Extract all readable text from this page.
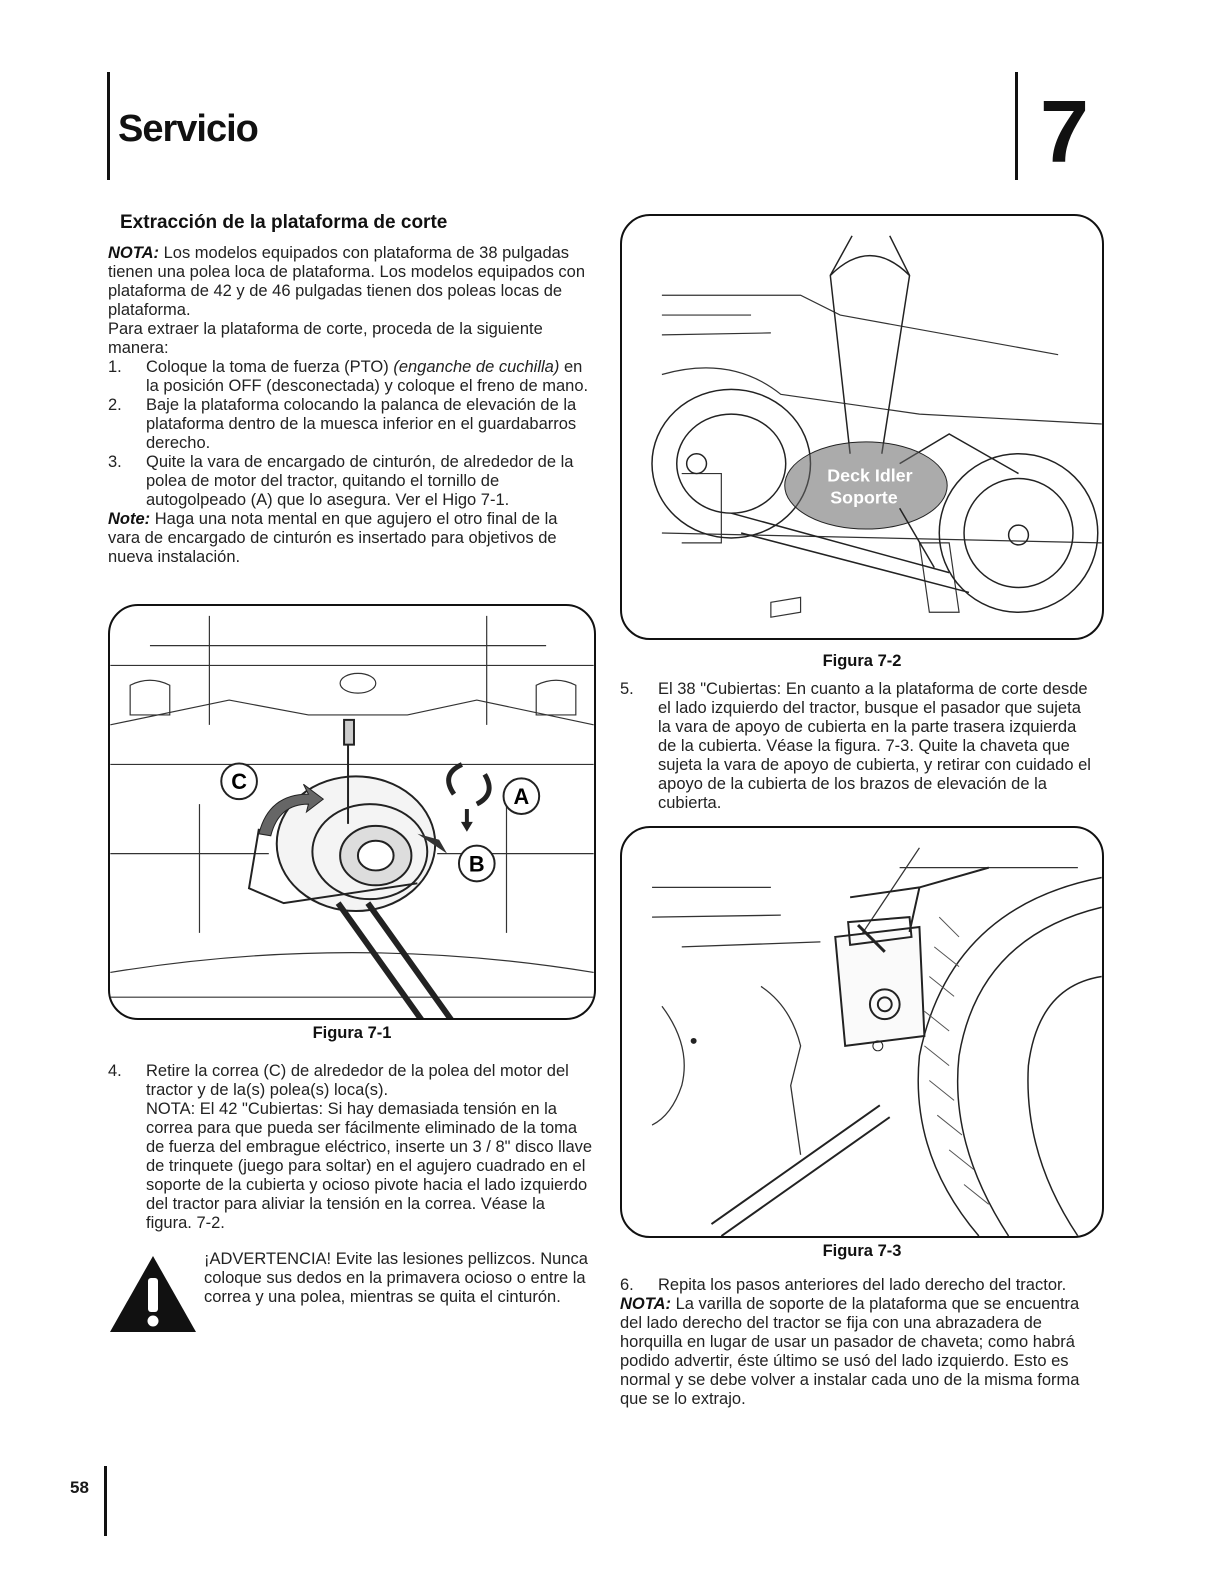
Servicio	7
Extracción de la plataforma de corte

NOTA: Los modelos equipados con plataforma de 38 pulgadas tienen una polea loca de plataforma. Los modelos equipados con plataforma de 42 y de 46 pulgadas tienen dos poleas locas de plataforma.

Para extraer la plataforma de corte, proceda de la siguiente manera:

1.	Coloque la toma de fuerza (PTO) (enganche de cuchilla) en la posición OFF (desconectada) y coloque el freno de mano.
2.	Baje la plataforma colocando la palanca de elevación de la plataforma dentro de la muesca inferior en el guardabarros derecho.
3.	Quite la vara de encargado de cinturón, de alrededor de la polea de motor del tractor, quitando el tornillo de autogolpeado (A) que lo asegura. Ver el Higo 7-1.

Note: Haga una nota mental en que agujero el otro final de la vara de encargado de cinturón es insertado para objetivos de nueva instalación.

C
A
B
Figura 7-1
4.	Retire la correa (C) de alrededor de la polea del motor del tractor y de la(s) polea(s) loca(s).

NOTA: El 42 "Cubiertas: Si hay demasiada tensión en la correa para que pueda ser fácilmente eliminado de la toma de fuerza del embrague eléctrico, inserte un 3 / 8" disco llave de trinquete (juego para soltar) en el agujero cuadrado en el soporte de la cubierta y ocioso pivote hacia el lado izquierdo del tractor para aliviar la tensión en la correa. Véase la figura. 7-2.

¡ADVERTENCIA! Evite las lesiones pellizcos. Nunca coloque sus dedos en la primavera ocioso o entre la correa y una polea, mientras se quita el cinturón.
Deck Idler
Soporte
Figura 7-2
5.	El 38 "Cubiertas: En cuanto a la plataforma de corte desde el lado izquierdo del tractor, busque el pasador que sujeta la vara de apoyo de cubierta en la parte trasera izquierda de la cubierta. Véase la figura. 7-3. Quite la chaveta que sujeta la vara de apoyo de cubierta, y retirar con cuidado el apoyo de la cubierta de los brazos de elevación de la cubierta.
Figura 7-3
6.	Repita los pasos anteriores del lado derecho del tractor.

NOTA: La varilla de soporte de la plataforma que se encuentra del lado derecho del tractor se fija con una abrazadera de horquilla en lugar de usar un pasador de chaveta; como habrá podido advertir, éste último se usó del lado izquierdo. Esto es normal y se debe volver a instalar cada uno de la misma forma que se lo extrajo.

58
